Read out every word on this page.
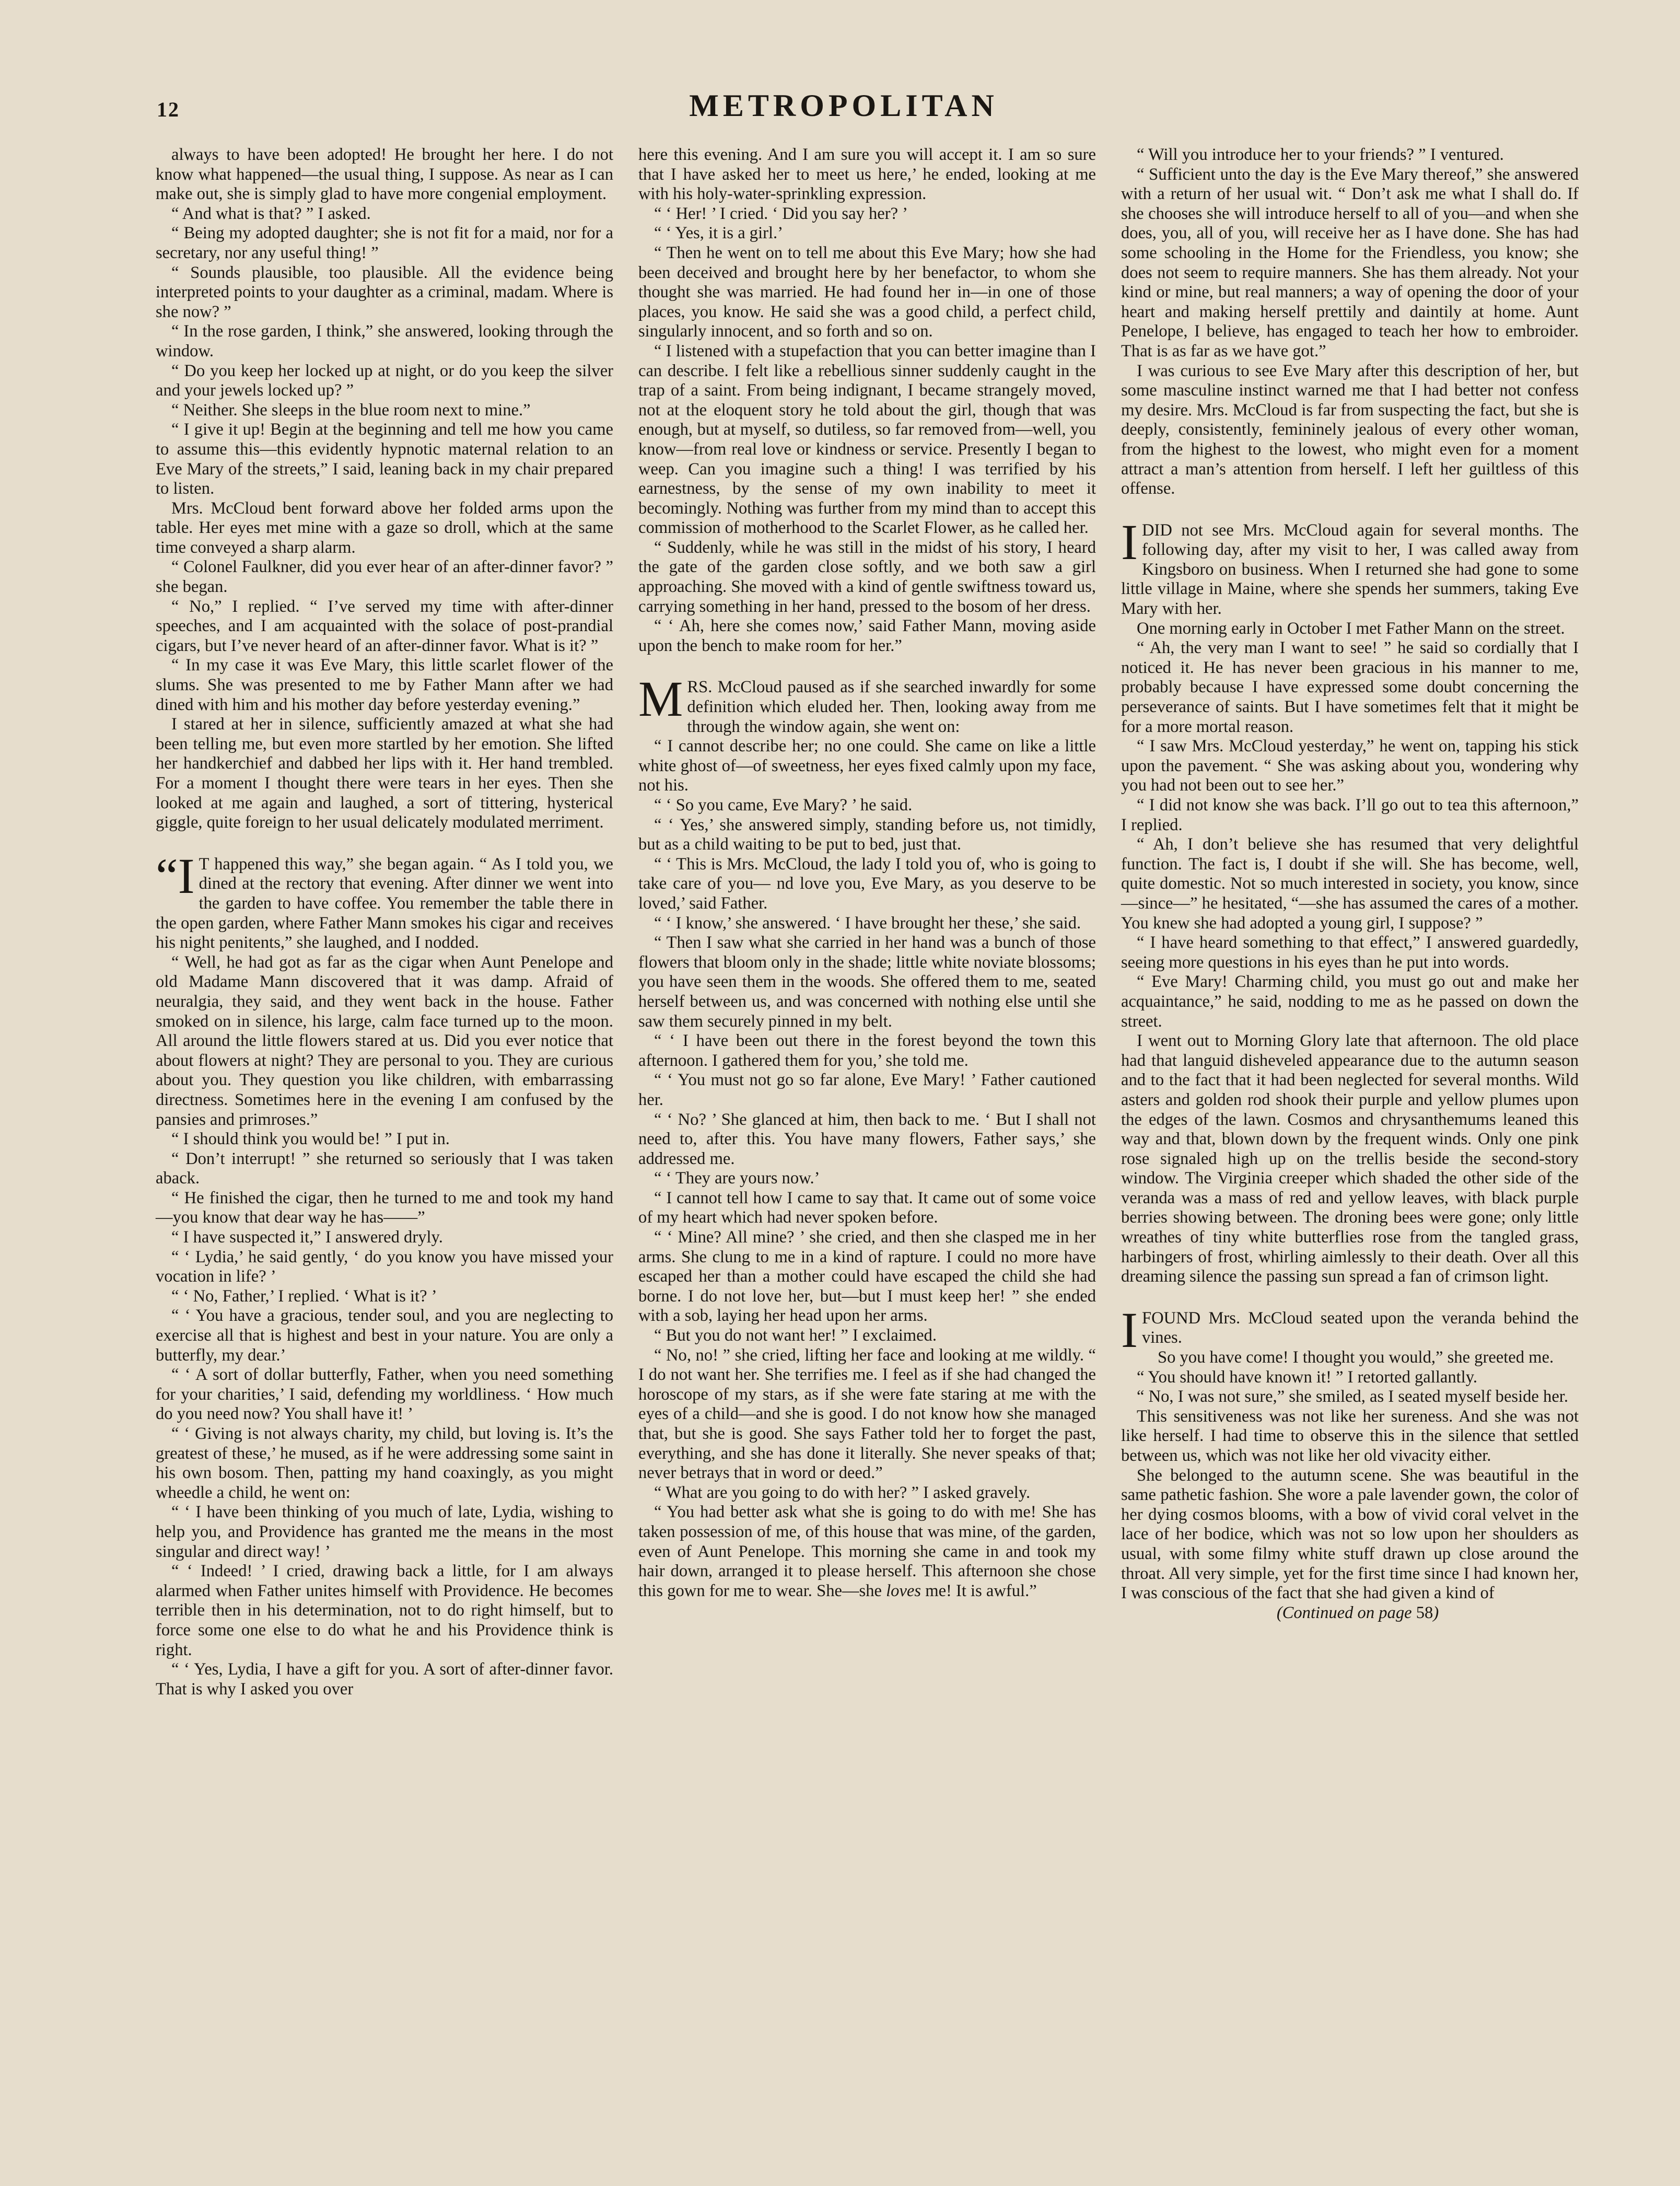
12	METROPOLITAN

always to have been adopted! He brought her here. I do not know what happened—the usual thing, I suppose. As near as I can make out, she is simply glad to have more congenial employment.

“ And what is that? ” I asked.

“ Being my adopted daughter; she is not fit for a maid, nor for a secretary, nor any useful thing! ”

“ Sounds plausible, too plausible. All the evidence being interpreted points to your daughter as a criminal, madam. Where is she now? ”

“ In the rose garden, I think,” she answered, looking through the window.

“ Do you keep her locked up at night, or do you keep the silver and your jewels locked up? ”

“ Neither. She sleeps in the blue room next to mine.”

“ I give it up! Begin at the beginning and tell me how you came to assume this—this evidently hypnotic maternal relation to an Eve Mary of the streets,” I said, leaning back in my chair prepared to listen.

Mrs. McCloud bent forward above her folded arms upon the table. Her eyes met mine with a gaze so droll, which at the same time conveyed a sharp alarm.

“ Colonel Faulkner, did you ever hear of an after-dinner favor? ” she began.

“ No,” I replied. “ I’ve served my time with after-dinner speeches, and I am acquainted with the solace of post-prandial cigars, but I’ve never heard of an after-dinner favor. What is it? ”

“ In my case it was Eve Mary, this little scarlet flower of the slums. She was presented to me by Father Mann after we had dined with him and his mother day before yesterday evening.”

I stared at her in silence, sufficiently amazed at what she had been telling me, but even more startled by her emotion. She lifted her handkerchief and dabbed her lips with it. Her hand trembled. For a moment I thought there were tears in her eyes. Then she looked at me again and laughed, a sort of tittering, hysterical giggle, quite foreign to her usual delicately modulated merriment.

“I T happened this way,” she began again. “ As I told you, we dined at the rectory that evening. After dinner we went into the garden to have coffee. You remember the table there in the open garden, where Father Mann smokes his cigar and receives his night penitents,” she laughed, and I nodded.

“ Well, he had got as far as the cigar when Aunt Penelope and old Madame Mann discovered that it was damp. Afraid of neuralgia, they said, and they went back in the house. Father smoked on in silence, his large, calm face turned up to the moon. All around the little flowers stared at us. Did you ever notice that about flowers at night? They are personal to you. They are curious about you. They question you like children, with embarrassing directness. Sometimes here in the evening I am confused by the pansies and primroses.”

“ I should think you would be! ” I put in.

“ Don’t interrupt! ” she returned so seriously that I was taken aback.

“ He finished the cigar, then he turned to me and took my hand—you know that dear way he has——”

“ I have suspected it,” I answered dryly.

“ ‘ Lydia,’ he said gently, ‘ do you know you have missed your vocation in life? ’

“ ‘ No, Father,’ I replied. ‘ What is it? ’

“ ‘ You have a gracious, tender soul, and you are neglecting to exercise all that is highest and best in your nature. You are only a butterfly, my dear.’

“ ‘ A sort of dollar butterfly, Father, when you need something for your charities,’ I said, defending my worldliness. ‘ How much do you need now? You shall have it! ’

“ ‘ Giving is not always charity, my child, but loving is. It’s the greatest of these,’ he mused, as if he were addressing some saint in his own bosom. Then, patting my hand coaxingly, as you might wheedle a child, he went on:

“ ‘ I have been thinking of you much of late, Lydia, wishing to help you, and Providence has granted me the means in the most singular and direct way! ’

“ ‘ Indeed! ’ I cried, drawing back a little, for I am always alarmed when Father unites himself with Providence. He becomes terrible then in his determination, not to do right himself, but to force some one else to do what he and his Providence think is right.

“ ‘ Yes, Lydia, I have a gift for you. A sort of after-dinner favor. That is why I asked you over

here this evening. And I am sure you will accept it. I am so sure that I have asked her to meet us here,’ he ended, looking at me with his holy-water-sprinkling expression.

“ ‘ Her! ’ I cried. ‘ Did you say her? ’

“ ‘ Yes, it is a girl.’

“ Then he went on to tell me about this Eve Mary; how she had been deceived and brought here by her benefactor, to whom she thought she was married. He had found her in—in one of those places, you know. He said she was a good child, a perfect child, singularly innocent, and so forth and so on.

“ I listened with a stupefaction that you can better imagine than I can describe. I felt like a rebellious sinner suddenly caught in the trap of a saint. From being indignant, I became strangely moved, not at the eloquent story he told about the girl, though that was enough, but at myself, so dutiless, so far removed from—well, you know—from real love or kindness or service. Presently I began to weep. Can you imagine such a thing! I was terrified by his earnestness, by the sense of my own inability to meet it becomingly. Nothing was further from my mind than to accept this commission of motherhood to the Scarlet Flower, as he called her.

“ Suddenly, while he was still in the midst of his story, I heard the gate of the garden close softly, and we both saw a girl approaching. She moved with a kind of gentle swiftness toward us, carrying something in her hand, pressed to the bosom of her dress.

“ ‘ Ah, here she comes now,’ said Father Mann, moving aside upon the bench to make room for her.”

MRS. McCloud paused as if she searched inwardly for some definition which eluded her. Then, looking away from me through the window again, she went on:

“ I cannot describe her; no one could. She came on like a little white ghost of—of sweetness, her eyes fixed calmly upon my face, not his.

“ ‘ So you came, Eve Mary? ’ he said.

“ ‘ Yes,’ she answered simply, standing before us, not timidly, but as a child waiting to be put to bed, just that.

“ ‘ This is Mrs. McCloud, the lady I told you of, who is going to take care of you— nd love you, Eve Mary, as you deserve to be loved,’ said Father.

“ ‘ I know,’ she answered. ‘ I have brought her these,’ she said.

“ Then I saw what she carried in her hand was a bunch of those flowers that bloom only in the shade; little white noviate blossoms; you have seen them in the woods. She offered them to me, seated herself between us, and was concerned with nothing else until she saw them securely pinned in my belt.

“ ‘ I have been out there in the forest beyond the town this afternoon. I gathered them for you,’ she told me.

“ ‘ You must not go so far alone, Eve Mary! ’ Father cautioned her.

“ ‘ No? ’ She glanced at him, then back to me. ‘ But I shall not need to, after this. You have many flowers, Father says,’ she addressed me.

“ ‘ They are yours now.’

“ I cannot tell how I came to say that. It came out of some voice of my heart which had never spoken before.

“ ‘ Mine? All mine? ’ she cried, and then she clasped me in her arms. She clung to me in a kind of rapture. I could no more have escaped her than a mother could have escaped the child she had borne. I do not love her, but—but I must keep her! ” she ended with a sob, laying her head upon her arms.

“ But you do not want her! ” I exclaimed.

“ No, no! ” she cried, lifting her face and looking at me wildly. “ I do not want her. She terrifies me. I feel as if she had changed the horoscope of my stars, as if she were fate staring at me with the eyes of a child—and she is good. I do not know how she managed that, but she is good. She says Father told her to forget the past, everything, and she has done it literally. She never speaks of that; never betrays that in word or deed.”

“ What are you going to do with her? ” I asked gravely.

“ You had better ask what she is going to do with me! She has taken possession of me, of this house that was mine, of the garden, even of Aunt Penelope. This morning she came in and took my hair down, arranged it to please herself. This afternoon she chose this gown for me to wear. She—she loves me! It is awful.”

“ Will you introduce her to your friends? ” I ventured.

“ Sufficient unto the day is the Eve Mary thereof,” she answered with a return of her usual wit. “ Don’t ask me what I shall do. If she chooses she will introduce herself to all of you—and when she does, you, all of you, will receive her as I have done. She has had some schooling in the Home for the Friendless, you know; she does not seem to require manners. She has them already. Not your kind or mine, but real manners; a way of opening the door of your heart and making herself prettily and daintily at home. Aunt Penelope, I believe, has engaged to teach her how to embroider. That is as far as we have got.”

I was curious to see Eve Mary after this description of her, but some masculine instinct warned me that I had better not confess my desire. Mrs. McCloud is far from suspecting the fact, but she is deeply, consistently, femininely jealous of every other woman, from the highest to the lowest, who might even for a moment attract a man’s attention from herself. I left her guiltless of this offense.

IDID not see Mrs. McCloud again for several months. The following day, after my visit to her, I was called away from Kingsboro on business. When I returned she had gone to some little village in Maine, where she spends her summers, taking Eve Mary with her.

One morning early in October I met Father Mann on the street.

“ Ah, the very man I want to see! ” he said so cordially that I noticed it. He has never been gracious in his manner to me, probably because I have expressed some doubt concerning the perseverance of saints. But I have sometimes felt that it might be for a more mortal reason.

“ I saw Mrs. McCloud yesterday,” he went on, tapping his stick upon the pavement. “ She was asking about you, wondering why you had not been out to see her.”

“ I did not know she was back. I’ll go out to tea this afternoon,” I replied.

“ Ah, I don’t believe she has resumed that very delightful function. The fact is, I doubt if she will. She has become, well, quite domestic. Not so much interested in society, you know, since—since—” he hesitated, “—she has assumed the cares of a mother. You knew she had adopted a young girl, I suppose? ”

“ I have heard something to that effect,” I answered guardedly, seeing more questions in his eyes than he put into words.

“ Eve Mary! Charming child, you must go out and make her acquaintance,” he said, nodding to me as he passed on down the street.

I went out to Morning Glory late that afternoon. The old place had that languid disheveled appearance due to the autumn season and to the fact that it had been neglected for several months. Wild asters and golden rod shook their purple and yellow plumes upon the edges of the lawn. Cosmos and chrysanthemums leaned this way and that, blown down by the frequent winds. Only one pink rose signaled high up on the trellis beside the second-story window. The Virginia creeper which shaded the other side of the veranda was a mass of red and yellow leaves, with black purple berries showing between. The droning bees were gone; only little wreathes of tiny white butterflies rose from the tangled grass, harbingers of frost, whirling aimlessly to their death. Over all this dreaming silence the passing sun spread a fan of crimson light.

IFOUND Mrs. McCloud seated upon the veranda behind the vines.

So you have come! I thought you would,” she greeted me.

“ You should have known it! ” I retorted gallantly.

“ No, I was not sure,” she smiled, as I seated myself beside her.

This sensitiveness was not like her sureness. And she was not like herself. I had time to observe this in the silence that settled between us, which was not like her old vivacity either.

She belonged to the autumn scene. She was beautiful in the same pathetic fashion. She wore a pale lavender gown, the color of her dying cosmos blooms, with a bow of vivid coral velvet in the lace of her bodice, which was not so low upon her shoulders as usual, with some filmy white stuff drawn up close around the throat. All very simple, yet for the first time since I had known her, I was conscious of the fact that she had given a kind of

(Continued on page 58)
